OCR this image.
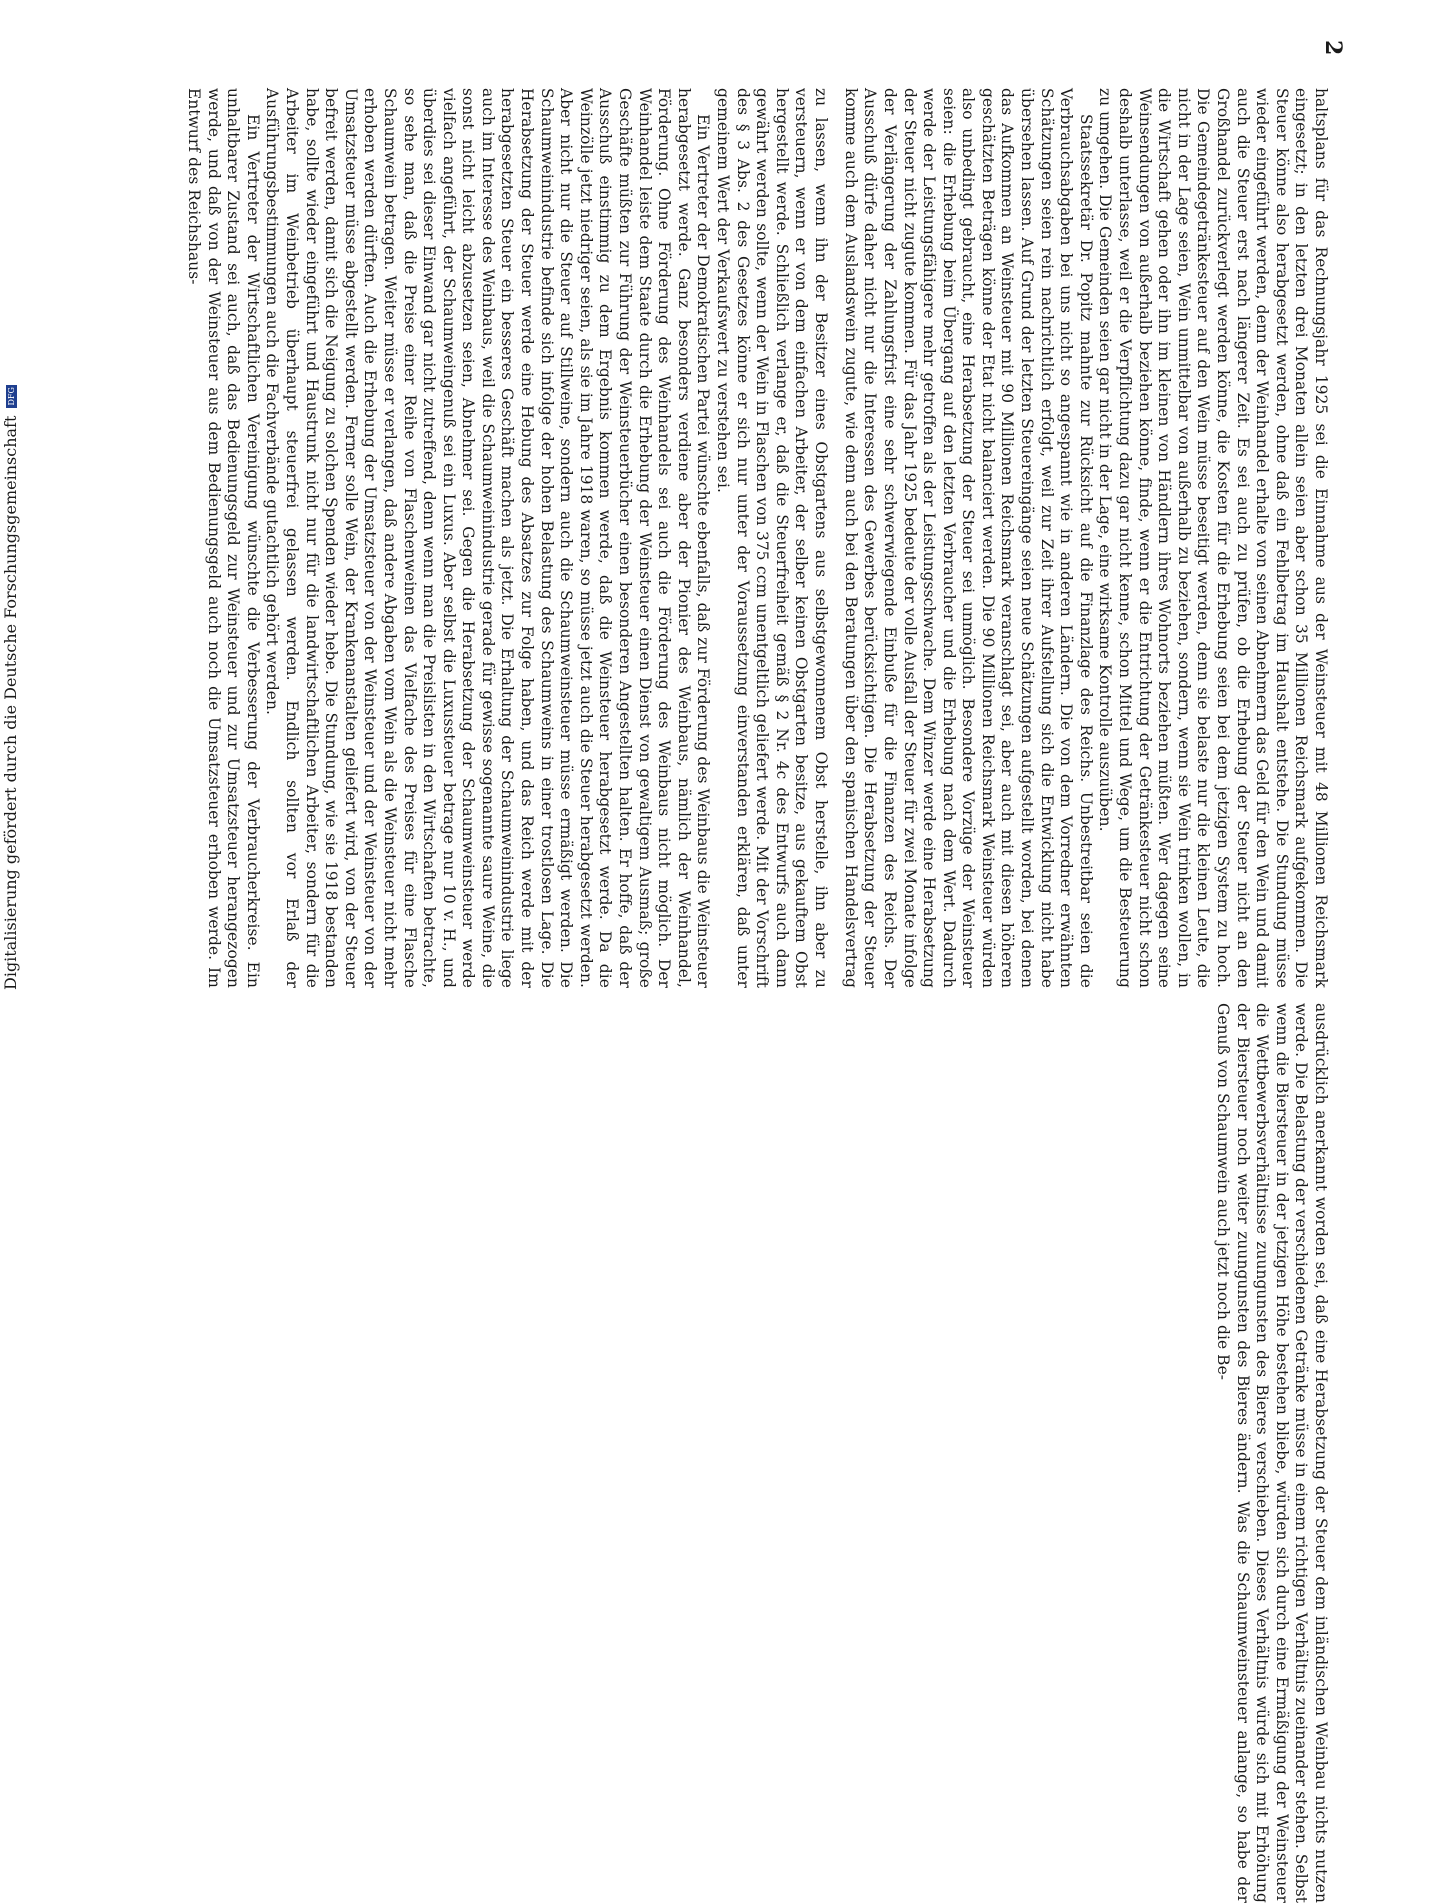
2

haltsplans für das Rechnungsjahr 1925 sei die Einnahme aus der Weinsteuer mit 48 Millionen Reichsmark eingesetzt; in den letzten drei Monaten allein seien aber schon 35 Millionen Reichsmark aufgekommen. Die Steuer könne also herabgesetzt werden, ohne daß ein Fehlbetrag im Haushalt entstehe. Die Stundung müsse wieder eingeführt werden, denn der Weinhandel erhalte von seinen Abnehmern das Geld für den Wein und damit auch die Steuer erst nach längerer Zeit. Es sei auch zu prüfen, ob die Erhebung der Steuer nicht an den Großhandel zurückverlegt werden könne, die Kosten für die Erhebung seien bei dem jetzigen System zu hoch. Die Gemeindegetränkesteuer auf den Wein müsse beseitigt werden, denn sie belaste nur die kleinen Leute, die nicht in der Lage seien, Wein unmittelbar von außerhalb zu beziehen, sondern, wenn sie Wein trinken wollen, in die Wirtschaft gehen oder ihn im kleinen von Händlern ihres Wohnorts beziehen müßten. Wer dagegen seine Weinsendungen von außerhalb beziehen könne, finde, wenn er die Entrichtung der Getränkesteuer nicht schon deshalb unterlasse, weil er die Verpflichtung dazu gar nicht kenne, schon Mittel und Wege, um die Besteuerung zu umgehen. Die Gemeinden seien gar nicht in der Lage, eine wirksame Kontrolle auszuüben.

Staatssekretär Dr. Popitz mahnte zur Rücksicht auf die Finanzlage des Reichs. Unbestreitbar seien die Verbrauchsabgaben bei uns nicht so angespannt wie in anderen Ländern. Die von dem Vorredner erwähnten Schätzungen seien rein nachrichtlich erfolgt, weil zur Zeit ihrer Aufstellung sich die Entwicklung nicht habe übersehen lassen. Auf Grund der letzten Steuereingänge seien neue Schätzungen aufgestellt worden, bei denen das Aufkommen an Weinsteuer mit 90 Millionen Reichsmark veranschlagt sei, aber auch mit diesen höheren geschätzten Beträgen könne der Etat nicht balanciert werden. Die 90 Millionen Reichsmark Weinsteuer würden also unbedingt gebraucht, eine Herabsetzung der Steuer sei unmöglich. Besondere Vorzüge der Weinsteuer seien: die Erhebung beim Übergang auf den letzten Verbraucher und die Erhebung nach dem Wert. Dadurch werde der Leistungsfähigere mehr getroffen als der Leistungsschwache. Dem Winzer werde eine Herabsetzung der Steuer nicht zugute kommen. Für das Jahr 1925 bedeute der volle Ausfall der Steuer für zwei Monate infolge der Verlängerung der Zahlungsfrist eine sehr schwerwiegende Einbuße für die Finanzen des Reichs. Der Ausschuß dürfe daher nicht nur die Interessen des Gewerbes berücksichtigen. Die Herabsetzung der Steuer komme auch dem Auslandswein zugute, wie denn auch bei den Beratungen über den spanischen Handelsvertrag ausdrücklich anerkannt worden sei, daß eine Herabsetzung der Steuer dem inländischen Weinbau nichts nutzen werde. Die Belastung der verschiedenen Getränke müsse in einem richtigen Verhältnis zueinander stehen. Selbst wenn die Biersteuer in der jetzigen Höhe bestehen bliebe, würden sich durch eine Ermäßigung der Weinsteuer die Wettbewerbsverhältnisse zuungunsten des Bieres verschieben. Dieses Verhältnis würde sich mit Erhöhung der Biersteuer noch weiter zuungunsten des Bieres ändern. Was die Schaumweinsteuer anlange, so habe der Genuß von Schaumwein auch jetzt noch die Be-

zu lassen, wenn ihn der Besitzer eines Obstgartens aus selbstgewonnenem Obst herstelle, ihn aber zu versteuern, wenn er von dem einfachen Arbeiter, der selber keinen Obstgarten besitze, aus gekauftem Obst hergestellt werde. Schließlich verlange er, daß die Steuerfreiheit gemäß § 2 Nr. 4c des Entwurfs auch dann gewährt werden sollte, wenn der Wein in Flaschen von 375 ccm unentgeltlich geliefert werde. Mit der Vorschrift des § 3 Abs. 2 des Gesetzes könne er sich nur unter der Voraussetzung einverstanden erklären, daß unter gemeinem Wert der Verkaufswert zu verstehen sei.

Ein Vertreter der Demokratischen Partei wünschte ebenfalls, daß zur Förderung des Weinbaus die Weinsteuer herabgesetzt werde. Ganz besonders verdiene aber der Pionier des Weinbaus, nämlich der Weinhandel, Förderung. Ohne Förderung des Weinhandels sei auch die Förderung des Weinbaus nicht möglich. Der Weinhandel leiste dem Staate durch die Erhebung der Weinsteuer einen Dienst von gewaltigem Ausmaß; große Geschäfte müßten zur Führung der Weinsteuerbücher einen besonderen Angestellten halten. Er hoffe, daß der Ausschuß einstimmig zu dem Ergebnis kommen werde, daß die Weinsteuer herabgesetzt werde. Da die Weinzölle jetzt niedriger seien, als sie im Jahre 1918 waren, so müsse jetzt auch die Steuer herabgesetzt werden. Aber nicht nur die Steuer auf Stillweine, sondern auch die Schaumweinsteuer müsse ermäßigt werden. Die Schaumweinindustrie befinde sich infolge der hohen Belastung des Schaumweins in einer trostlosen Lage. Die Herabsetzung der Steuer werde eine Hebung des Absatzes zur Folge haben, und das Reich werde mit der herabgesetzten Steuer ein besseres Geschäft machen als jetzt. Die Erhaltung der Schaumweinindustrie liege auch im Interesse des Weinbaus, weil die Schaumweinindustrie gerade für gewisse sogenannte saure Weine, die sonst nicht leicht abzusetzen seien, Abnehmer sei. Gegen die Herabsetzung der Schaumweinsteuer werde vielfach angeführt, der Schaumweingenuß sei ein Luxus. Aber selbst die Luxussteuer betrage nur 10 v. H., und überdies sei dieser Einwand gar nicht zutreffend, denn wenn man die Preislisten in den Wirtschaften betrachte, so sehe man, daß die Preise einer Reihe von Flaschenweinen das Vielfache des Preises für eine Flasche Schaumwein betragen. Weiter müsse er verlangen, daß andere Abgaben vom Wein als die Weinsteuer nicht mehr erhoben werden dürften. Auch die Erhebung der Umsatzsteuer von der Weinsteuer und der Weinsteuer von der Umsatzsteuer müsse abgestellt werden. Ferner solle Wein, der Krankenanstalten geliefert wird, von der Steuer befreit werden, damit sich die Neigung zu solchen Spenden wieder hebe. Die Stundung, wie sie 1918 bestanden habe, sollte wieder eingeführt und Haustrunk nicht nur für die landwirtschaftlichen Arbeiter, sondern für die Arbeiter im Weinbetrieb überhaupt steuerfrei gelassen werden. Endlich sollten vor Erlaß der Ausführungsbestimmungen auch die Fachverbände gutachtlich gehört werden.

Ein Vertreter der Wirtschaftlichen Vereinigung wünschte die Verbesserung der Verbraucherkreise. Ein unhaltbarer Zustand sei auch, daß das Bedienungsgeld zur Weinsteuer und zur Umsatzsteuer herangezogen werde, und daß von der Weinsteuer aus dem Bedienungsgeld auch noch die Umsatzsteuer erhoben werde. Im Entwurf des Reichshaus-

Digitalisierung gefördert durch die Deutsche Forschungsgemeinschaft DFG
